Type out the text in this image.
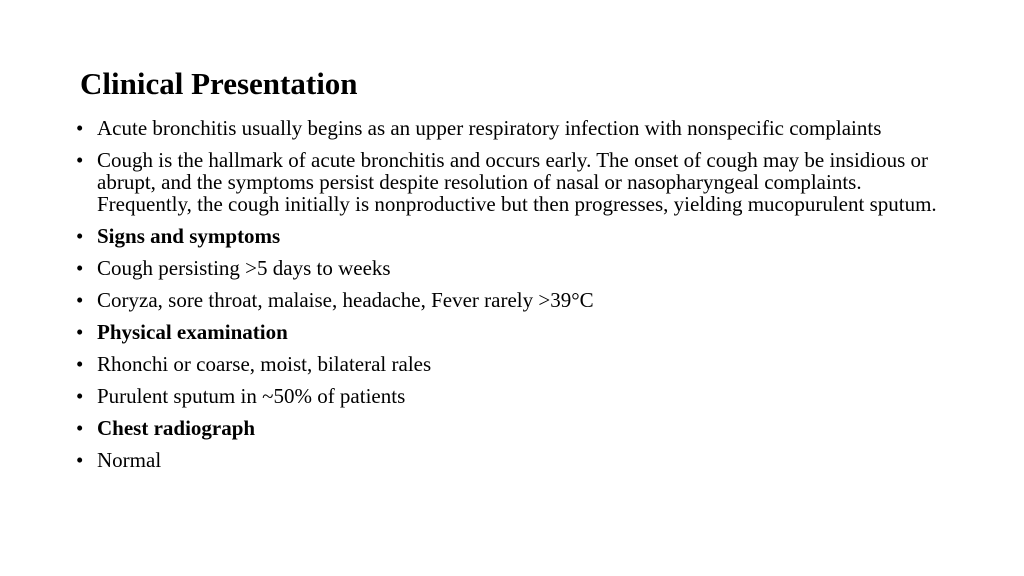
Clinical Presentation
• Acute bronchitis usually begins as an upper respiratory infection with nonspecific complaints
• Cough is the hallmark of acute bronchitis and occurs early. The onset of cough may be insidious or abrupt, and the symptoms persist despite resolution of nasal or nasopharyngeal complaints. Frequently, the cough initially is nonproductive but then progresses, yielding mucopurulent sputum.
• Signs and symptoms
• Cough persisting >5 days to weeks
• Coryza, sore throat, malaise, headache, Fever rarely >39°C
• Physical examination
• Rhonchi or coarse, moist, bilateral rales
• Purulent sputum in ~50% of patients
• Chest radiograph
• Normal
